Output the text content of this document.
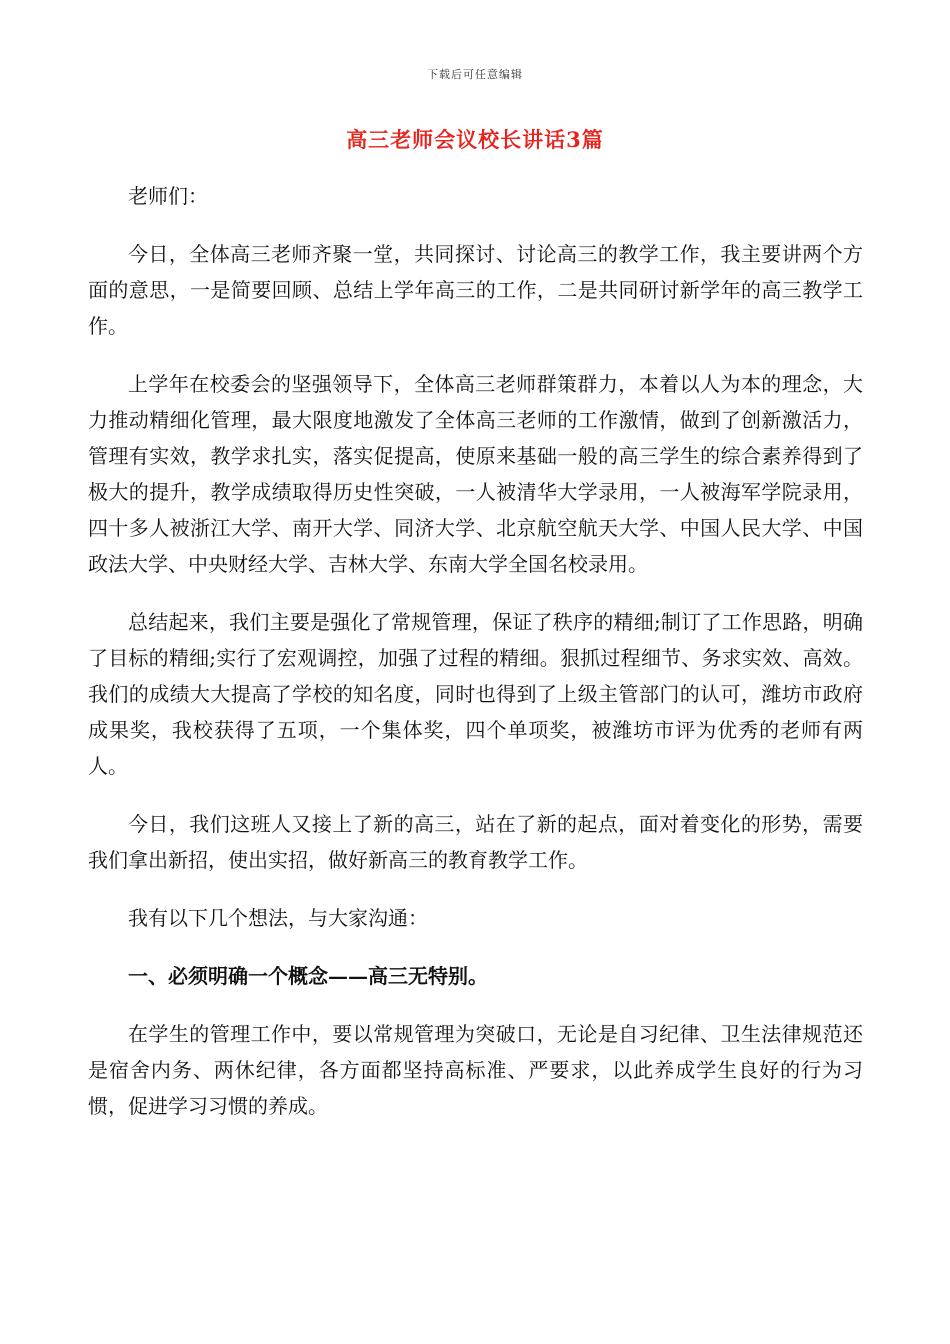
下载后可任意编辑
高三老师会议校长讲话3篇

老师们：

今日，全体高三老师齐聚一堂，共同探讨、讨论高三的教学工作，我主要讲两个方面的意思，一是简要回顾、总结上学年高三的工作，二是共同研讨新学年的高三教学工作。

上学年在校委会的坚强领导下，全体高三老师群策群力，本着以人为本的理念，大力推动精细化管理，最大限度地激发了全体高三老师的工作激情，做到了创新激活力，管理有实效，教学求扎实，落实促提高，使原来基础一般的高三学生的综合素养得到了极大的提升，教学成绩取得历史性突破，一人被清华大学录用，一人被海军学院录用，四十多人被浙江大学、南开大学、同济大学、北京航空航天大学、中国人民大学、中国政法大学、中央财经大学、吉林大学、东南大学全国名校录用。

总结起来，我们主要是强化了常规管理，保证了秩序的精细;制订了工作思路，明确了目标的精细;实行了宏观调控，加强了过程的精细。狠抓过程细节、务求实效、高效。我们的成绩大大提高了学校的知名度，同时也得到了上级主管部门的认可，潍坊市政府成果奖，我校获得了五项，一个集体奖，四个单项奖，被潍坊市评为优秀的老师有两人。

今日，我们这班人又接上了新的高三，站在了新的起点，面对着变化的形势，需要我们拿出新招，使出实招，做好新高三的教育教学工作。

我有以下几个想法，与大家沟通：

一、必须明确一个概念——高三无特别。

在学生的管理工作中，要以常规管理为突破口，无论是自习纪律、卫生法律规范还是宿舍内务、两休纪律，各方面都坚持高标准、严要求，以此养成学生良好的行为习惯，促进学习习惯的养成。
